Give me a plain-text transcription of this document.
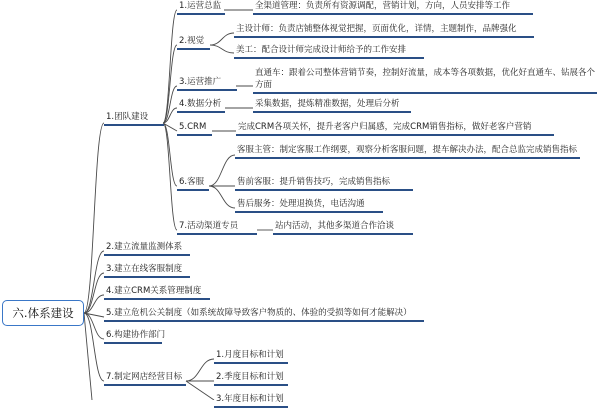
六.体系建设
1.团队建设
1.运营总监
2.视觉
3.运营推广
4.数据分析
5.CRM
6.客服
7.活动渠道专员
全渠道管理：负责所有资源调配，营销计划，方向，人员安排等工作
主设计师：负责店铺整体视觉把握，页面优化，详情，主题制作，品牌强化
美工：配合设计师完成设计师给予的工作安排
直通车：跟着公司整体营销节奏，控制好流量，成本等各项数据，优化好直通车、钻展各个方面
采集数据，提炼精准数据，处理后分析
完成CRM各项关怀，提升老客户归属感，完成CRM销售指标，做好老客户营销
客服主管：制定客服工作纲要，观察分析客服问题，提车解决办法，配合总监完成销售指标
售前客服：提升销售技巧，完成销售指标
售后服务：处理退换货，电话沟通
站内活动，其他多渠道合作洽谈
2.建立流量监测体系
3.建立在线客服制度
4.建立CRM关系管理制度
5.建立危机公关制度（如系统故障导致客户物质的、体验的受损等如何才能解决）
6.构建协作部门
7.制定网店经营目标
1.月度目标和计划
2.季度目标和计划
3.年度目标和计划
